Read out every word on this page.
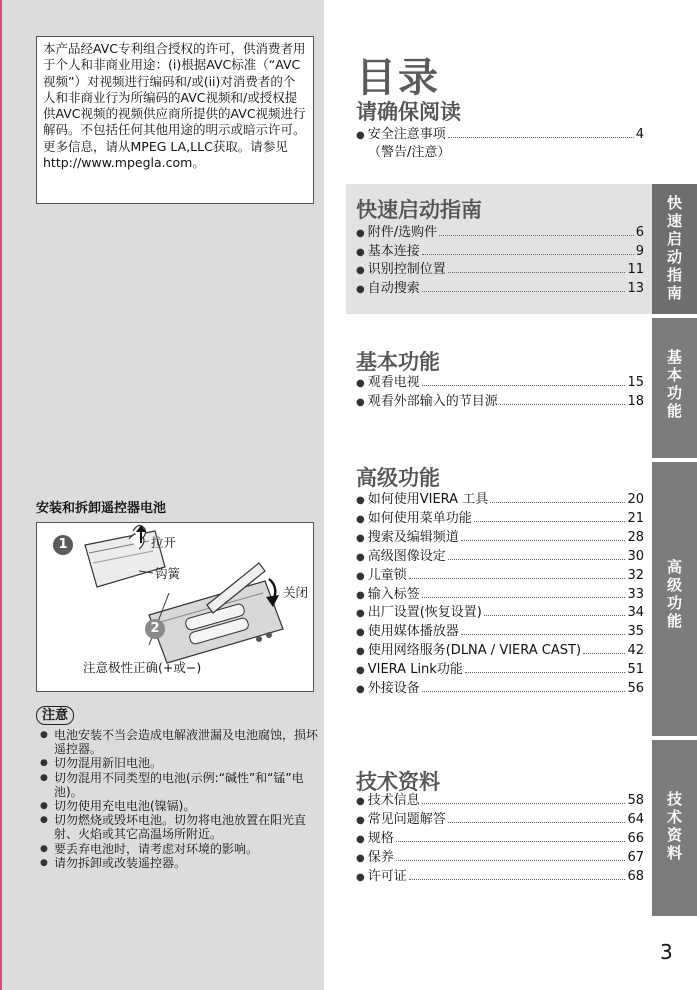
本产品经AVC专利组合授权的许可，供消费者用于个人和非商业用途：(i)根据AVC标准（“AVC视频”）对视频进行编码和/或(ii)对消费者的个人和非商业行为所编码的AVC视频和/或授权提供AVC视频的视频供应商所提供的AVC视频进行解码。不包括任何其他用途的明示或暗示许可。更多信息，请从MPEG LA,LLC获取。请参见http://www.mpegla.com。
安装和拆卸遥控器电池
1
2
拉开
钩簧
关闭
注意极性正确(+或−)
注意
● 电池安装不当会造成电解液泄漏及电池腐蚀，损坏遥控器。
● 切勿混用新旧电池。
● 切勿混用不同类型的电池(示例:“碱性”和“锰”电池)。
● 切勿使用充电电池(镍镉)。
● 切勿燃烧或毁坏电池。切勿将电池放置在阳光直射、火焰或其它高温场所附近。
● 要丢弃电池时，请考虑对环境的影响。
● 请勿拆卸或改装遥控器。
目录
请确保阅读
● 安全注意事项	4
（警告/注意）
快速启动指南
● 附件/选购件	6
● 基本连接	9
● 识别控制位置	11
● 自动搜索	13
基本功能
● 观看电视	15
● 观看外部输入的节目源	18
高级功能
● 如何使用VIERA 工具	20
● 如何使用菜单功能	21
● 搜索及编辑频道	28
● 高级图像设定	30
● 儿童锁	32
● 输入标签	33
● 出厂设置(恢复设置)	34
● 使用媒体播放器	35
● 使用网络服务(DLNA / VIERA CAST)	42
● VIERA Link功能	51
● 外接设备	56
技术资料
● 技术信息	58
● 常见问题解答	64
● 规格	66
● 保养	67
● 许可证	68
快
速
启
动
指
南
基
本
功
能
高
级
功
能
技
术
资
料
3
